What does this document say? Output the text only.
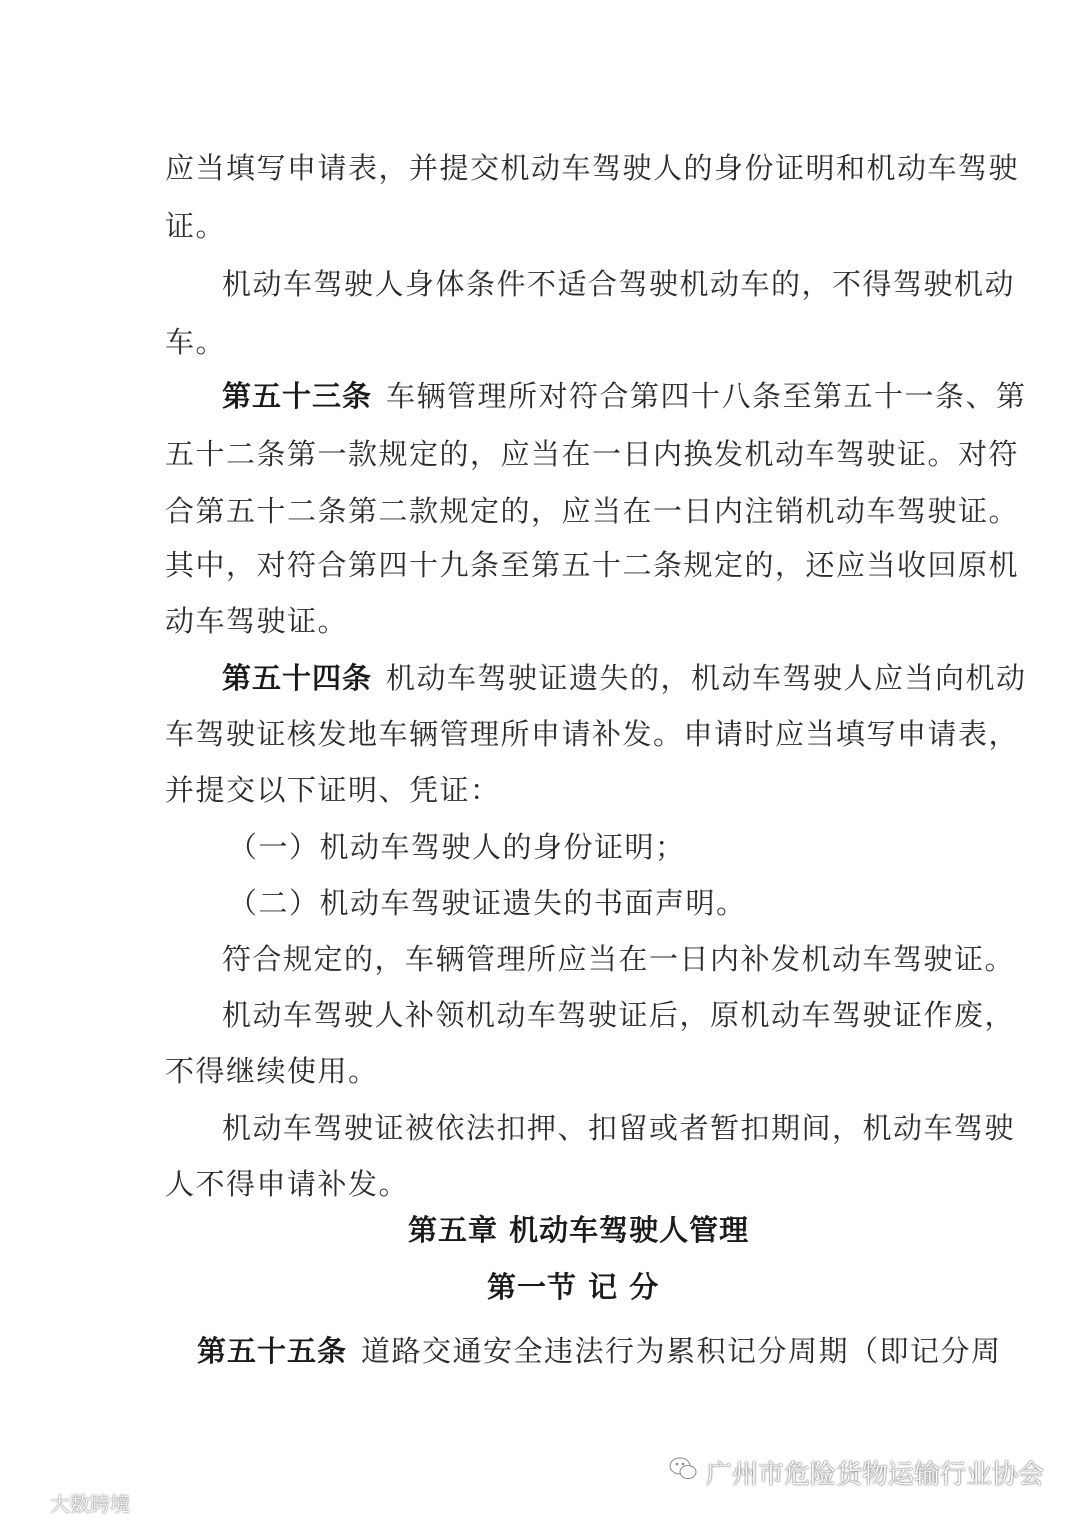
应当填写申请表，并提交机动车驾驶人的身份证明和机动车驾驶
证。
机动车驾驶人身体条件不适合驾驶机动车的，不得驾驶机动
车。
第五十三条 车辆管理所对符合第四十八条至第五十一条、第
五十二条第一款规定的，应当在一日内换发机动车驾驶证。对符
合第五十二条第二款规定的，应当在一日内注销机动车驾驶证。
其中，对符合第四十九条至第五十二条规定的，还应当收回原机
动车驾驶证。
第五十四条 机动车驾驶证遗失的，机动车驾驶人应当向机动
车驾驶证核发地车辆管理所申请补发。申请时应当填写申请表，
并提交以下证明、凭证：
（一）机动车驾驶人的身份证明；
（二）机动车驾驶证遗失的书面声明。
符合规定的，车辆管理所应当在一日内补发机动车驾驶证。
机动车驾驶人补领机动车驾驶证后，原机动车驾驶证作废，
不得继续使用。
机动车驾驶证被依法扣押、扣留或者暂扣期间，机动车驾驶
人不得申请补发。
第五章 机动车驾驶人管理
第一节 记 分
第五十五条 道路交通安全违法行为累积记分周期（即记分周
大数跨境
广州市危险货物运输行业协会
